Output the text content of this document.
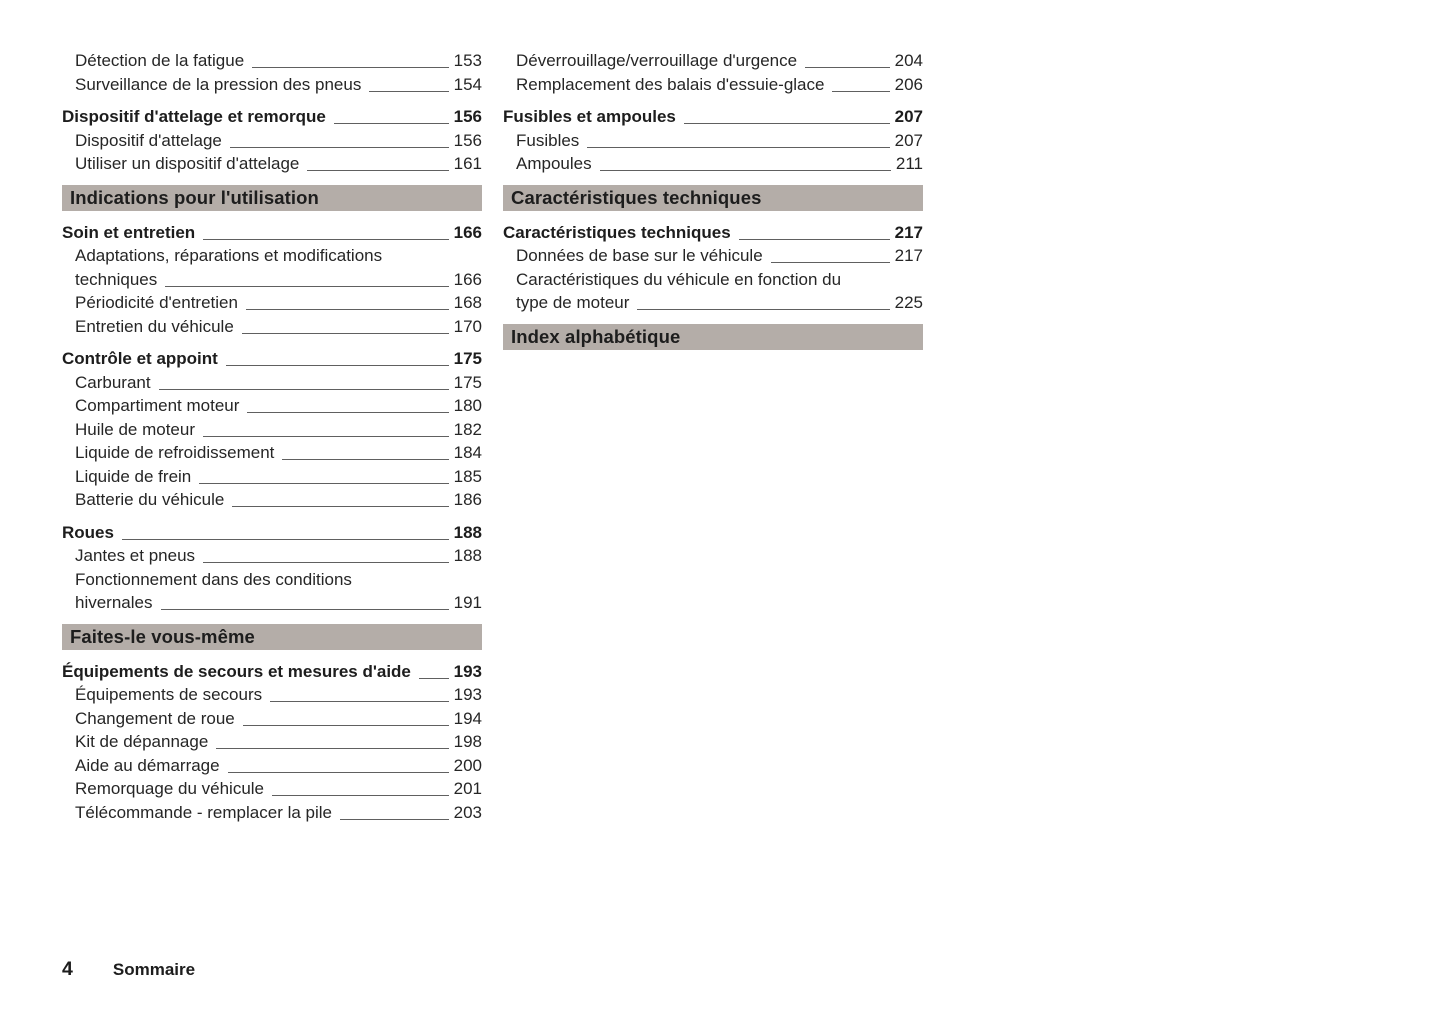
Détection de la fatigue	153
Surveillance de la pression des pneus	154
Dispositif d'attelage et remorque	156
Dispositif d'attelage	156
Utiliser un dispositif d'attelage	161
Indications pour l'utilisation
Soin et entretien	166
Adaptations, réparations et modifications
techniques	166
Périodicité d'entretien	168
Entretien du véhicule	170
Contrôle et appoint	175
Carburant	175
Compartiment moteur	180
Huile de moteur	182
Liquide de refroidissement	184
Liquide de frein	185
Batterie du véhicule	186
Roues	188
Jantes et pneus	188
Fonctionnement dans des conditions
hivernales	191
Faites-le vous-même
Équipements de secours et mesures d'aide	193
Équipements de secours	193
Changement de roue	194
Kit de dépannage	198
Aide au démarrage	200
Remorquage du véhicule	201
Télécommande - remplacer la pile	203
Déverrouillage/verrouillage d'urgence	204
Remplacement des balais d'essuie-glace	206
Fusibles et ampoules	207
Fusibles	207
Ampoules	211
Caractéristiques techniques
Caractéristiques techniques	217
Données de base sur le véhicule	217
Caractéristiques du véhicule en fonction du
type de moteur	225
Index alphabétique
4 Sommaire
